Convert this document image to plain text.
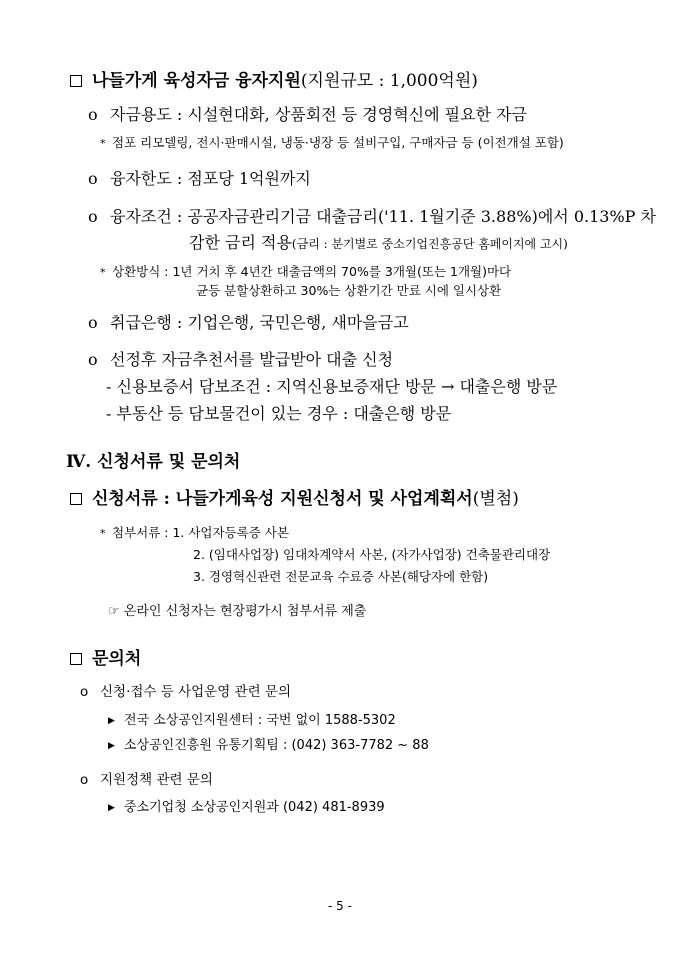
나들가게 육성자금 융자지원(지원규모 : 1,000억원)
ο 자금용도 : 시설현대화, 상품회전 등 경영혁신에 필요한 자금
* 점포 리모델링, 전시·판매시설, 냉동·냉장 등 설비구입, 구매자금 등 (이전개설 포함)
ο 융자한도 : 점포당 1억원까지
ο 융자조건 : 공공자금관리기금 대출금리('11. 1월기준 3.88%)에서 0.13%P 차
감한 금리 적용(금리 : 분기별로 중소기업진흥공단 홈페이지에 고시)
* 상환방식 : 1년 거치 후 4년간 대출금액의 70%를 3개월(또는 1개월)마다
균등 분할상환하고 30%는 상환기간 만료 시에 일시상환
ο 취급은행 : 기업은행, 국민은행, 새마을금고
ο 선정후 자금추천서를 발급받아 대출 신청
- 신용보증서 담보조건 : 지역신용보증재단 방문 → 대출은행 방문
- 부동산 등 담보물건이 있는 경우 : 대출은행 방문
Ⅳ. 신청서류 및 문의처
신청서류 : 나들가게육성 지원신청서 및 사업계획서(별첨)
* 첨부서류 : 1. 사업자등록증 사본
2. (임대사업장) 임대차계약서 사본, (자가사업장) 건축물관리대장
3. 경영혁신관련 전문교육 수료증 사본(해당자에 한함)
☞ 온라인 신청자는 현장평가시 첨부서류 제출
문의처
ο 신청·접수 등 사업운영 관련 문의
▶ 전국 소상공인지원센터 : 국번 없이 1588-5302
▶ 소상공인진흥원 유통기획팀 : (042) 363-7782 ~ 88
ο 지원정책 관련 문의
▶ 중소기업청 소상공인지원과 (042) 481-8939
- 5 -
